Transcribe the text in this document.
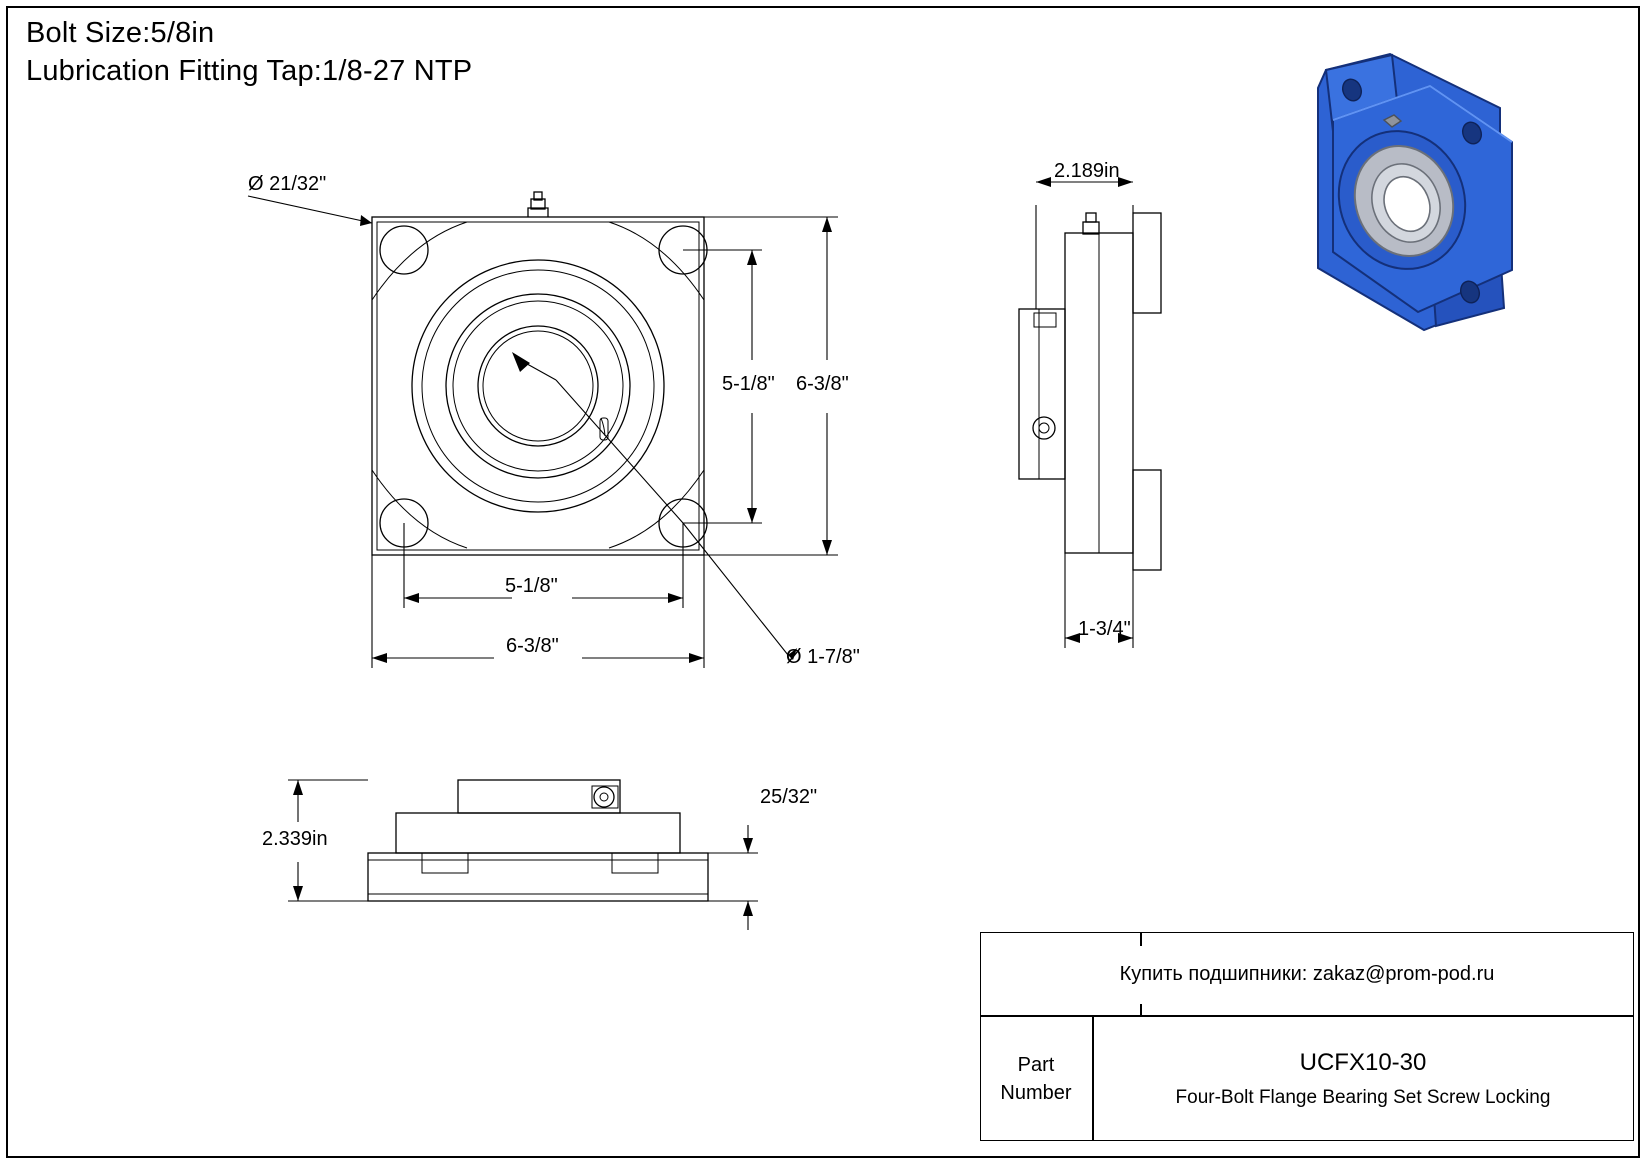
Bolt Size:5/8in
Lubrication Fitting Tap:1/8-27 NTP
Ø 21/32"
Ø 1-7/8"
5-1/8" 6-3/8"
5-1/8"
6-3/8"
2.189in
1-3/4"
2.339in
25/32"
Купить подшипники: zakaz@prom-pod.ru
Part
Number
UCFX10-30
Four-Bolt Flange Bearing Set Screw Locking
